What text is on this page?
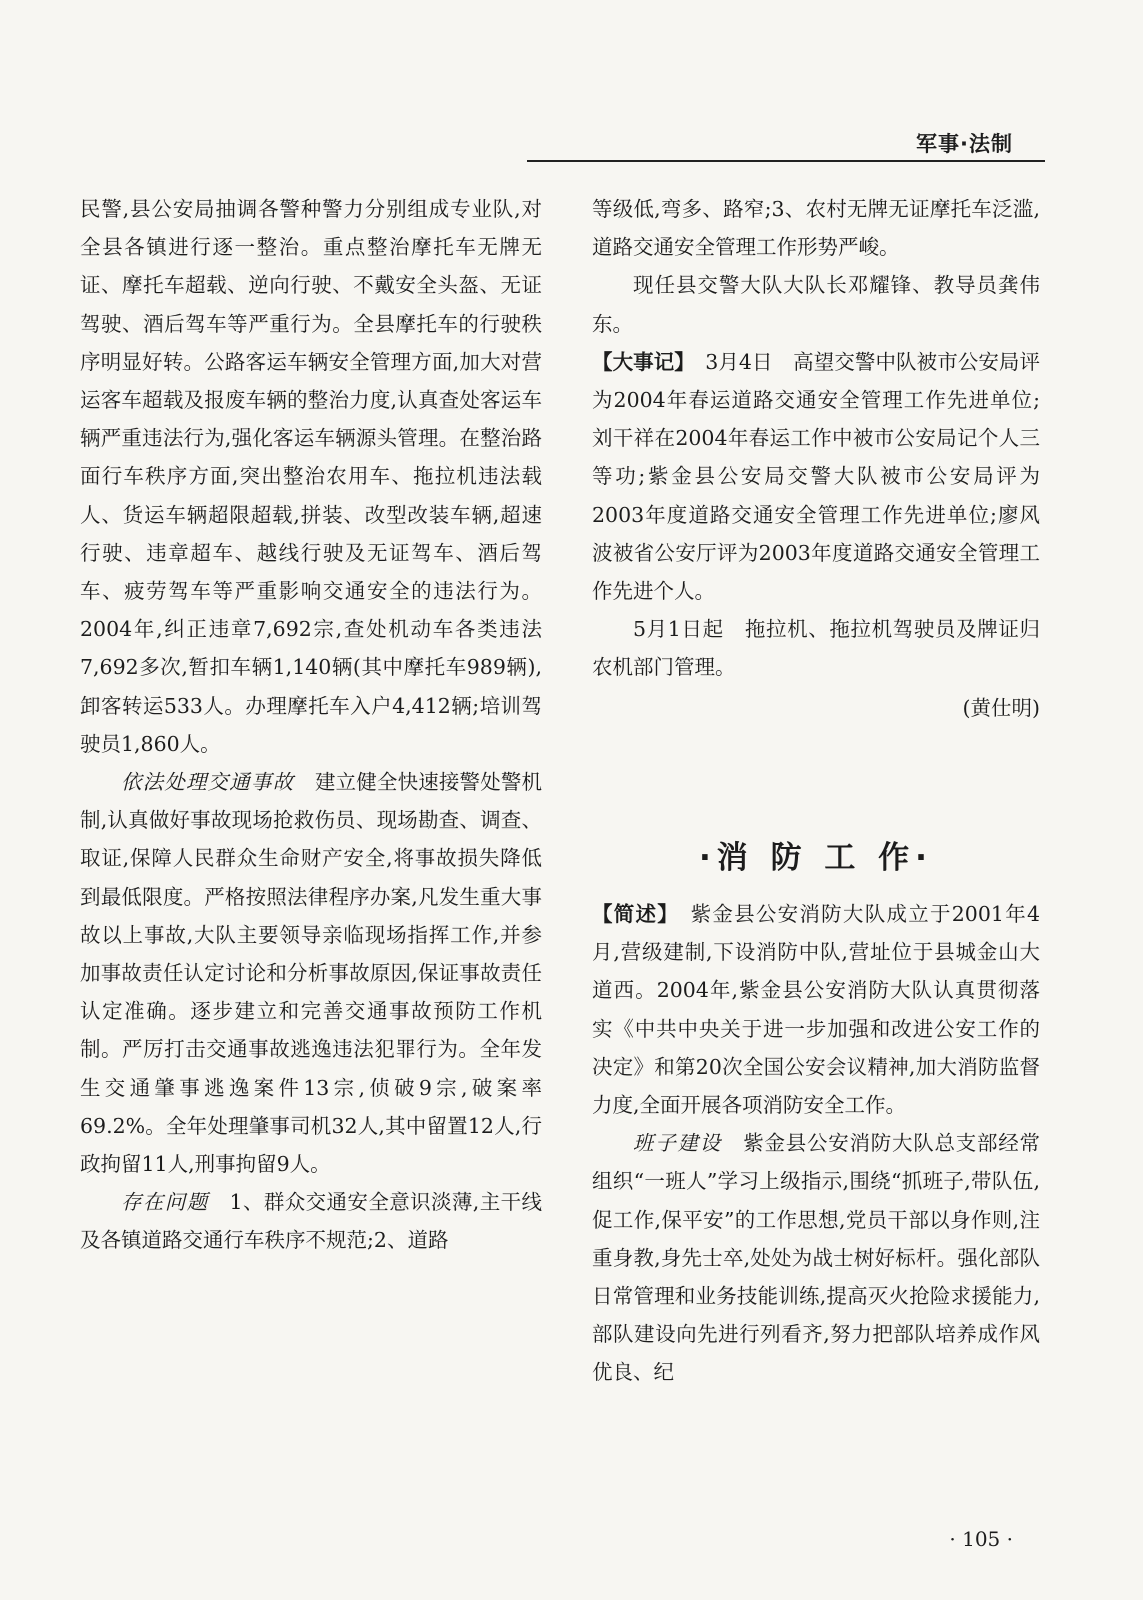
军事·法制

民警,县公安局抽调各警种警力分别组成专业队,对全县各镇进行逐一整治。重点整治摩托车无牌无证、摩托车超载、逆向行驶、不戴安全头盔、无证驾驶、酒后驾车等严重行为。全县摩托车的行驶秩序明显好转。公路客运车辆安全管理方面,加大对营运客车超载及报废车辆的整治力度,认真查处客运车辆严重违法行为,强化客运车辆源头管理。在整治路面行车秩序方面,突出整治农用车、拖拉机违法载人、货运车辆超限超载,拼装、改型改装车辆,超速行驶、违章超车、越线行驶及无证驾车、酒后驾车、疲劳驾车等严重影响交通安全的违法行为。2004年,纠正违章7,692宗,查处机动车各类违法7,692多次,暂扣车辆1,140辆(其中摩托车989辆),卸客转运533人。办理摩托车入户4,412辆;培训驾驶员1,860人。

依法处理交通事故　 建立健全快速接警处警机制,认真做好事故现场抢救伤员、现场勘查、调查、取证,保障人民群众生命财产安全,将事故损失降低到最低限度。严格按照法律程序办案,凡发生重大事故以上事故,大队主要领导亲临现场指挥工作,并参加事故责任认定讨论和分析事故原因,保证事故责任认定准确。逐步建立和完善交通事故预防工作机制。严厉打击交通事故逃逸违法犯罪行为。全年发生交通肇事逃逸案件13宗,侦破9宗,破案率69.2%。全年处理肇事司机32人,其中留置12人,行政拘留11人,刑事拘留9人。

存在问题　 1、群众交通安全意识淡薄,主干线及各镇道路交通行车秩序不规范;2、道路

等级低,弯多、路窄;3、农村无牌无证摩托车泛滥,道路交通安全管理工作形势严峻。

现任县交警大队大队长邓耀锋、教导员龚伟东。

【大事记】　 3月4日　高望交警中队被市公安局评为2004年春运道路交通安全管理工作先进单位;刘干祥在2004年春运工作中被市公安局记个人三等功;紫金县公安局交警大队被市公安局评为2003年度道路交通安全管理工作先进单位;廖风波被省公安厅评为2003年度道路交通安全管理工作先进个人。

5月1日起　拖拉机、拖拉机驾驶员及牌证归农机部门管理。

(黄仕明)

·消 防 工 作·

【简述】　 紫金县公安消防大队成立于2001年4月,营级建制,下设消防中队,营址位于县城金山大道西。2004年,紫金县公安消防大队认真贯彻落实《中共中央关于进一步加强和改进公安工作的决定》和第20次全国公安会议精神,加大消防监督力度,全面开展各项消防安全工作。

班子建设　 紫金县公安消防大队总支部经常组织“一班人”学习上级指示,围绕“抓班子,带队伍,促工作,保平安”的工作思想,党员干部以身作则,注重身教,身先士卒,处处为战士树好标杆。强化部队日常管理和业务技能训练,提高灭火抢险求援能力,部队建设向先进行列看齐,努力把部队培养成作风优良、纪

· 105 ·
